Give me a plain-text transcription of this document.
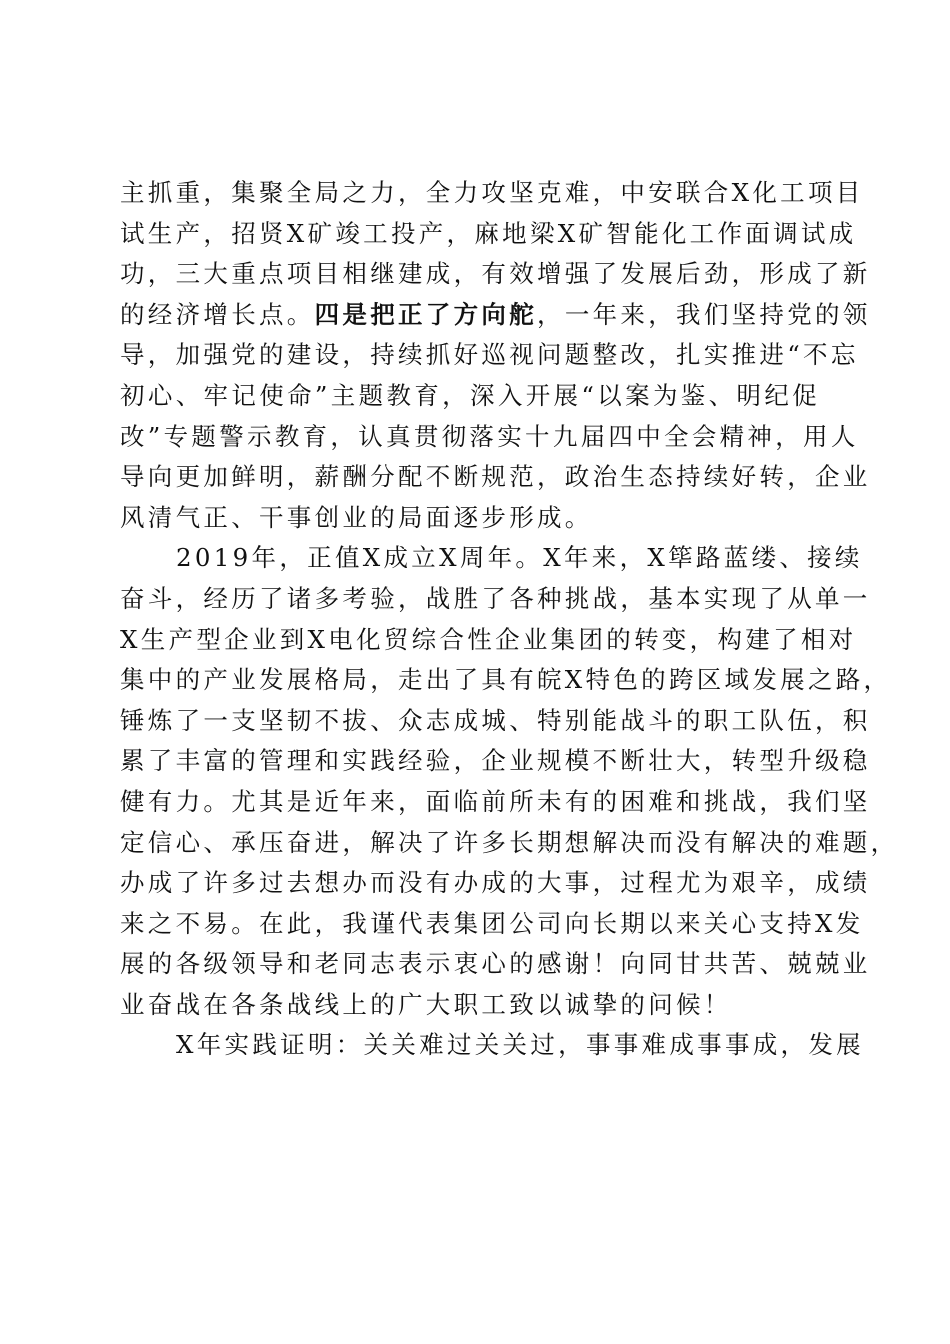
主抓重，集聚全局之力，全力攻坚克难，中安联合X化工项目
试生产，招贤X矿竣工投产，麻地梁X矿智能化工作面调试成
功，三大重点项目相继建成，有效增强了发展后劲，形成了新
的经济增长点。四是把正了方向舵，一年来，我们坚持党的领
导，加强党的建设，持续抓好巡视问题整改，扎实推进“不忘
初心、牢记使命”主题教育，深入开展“以案为鉴、明纪促
改”专题警示教育，认真贯彻落实十九届四中全会精神，用人
导向更加鲜明，薪酬分配不断规范，政治生态持续好转，企业
风清气正、干事创业的局面逐步形成。
2019年，正值X成立X周年。X年来，X筚路蓝缕、接续
奋斗，经历了诸多考验，战胜了各种挑战，基本实现了从单一
X生产型企业到X电化贸综合性企业集团的转变，构建了相对
集中的产业发展格局，走出了具有皖X特色的跨区域发展之路，
锤炼了一支坚韧不拔、众志成城、特别能战斗的职工队伍，积
累了丰富的管理和实践经验，企业规模不断壮大，转型升级稳
健有力。尤其是近年来，面临前所未有的困难和挑战，我们坚
定信心、承压奋进，解决了许多长期想解决而没有解决的难题，
办成了许多过去想办而没有办成的大事，过程尤为艰辛，成绩
来之不易。在此，我谨代表集团公司向长期以来关心支持X发
展的各级领导和老同志表示衷心的感谢！向同甘共苦、兢兢业
业奋战在各条战线上的广大职工致以诚挚的问候！
X年实践证明：关关难过关关过，事事难成事事成，发展
